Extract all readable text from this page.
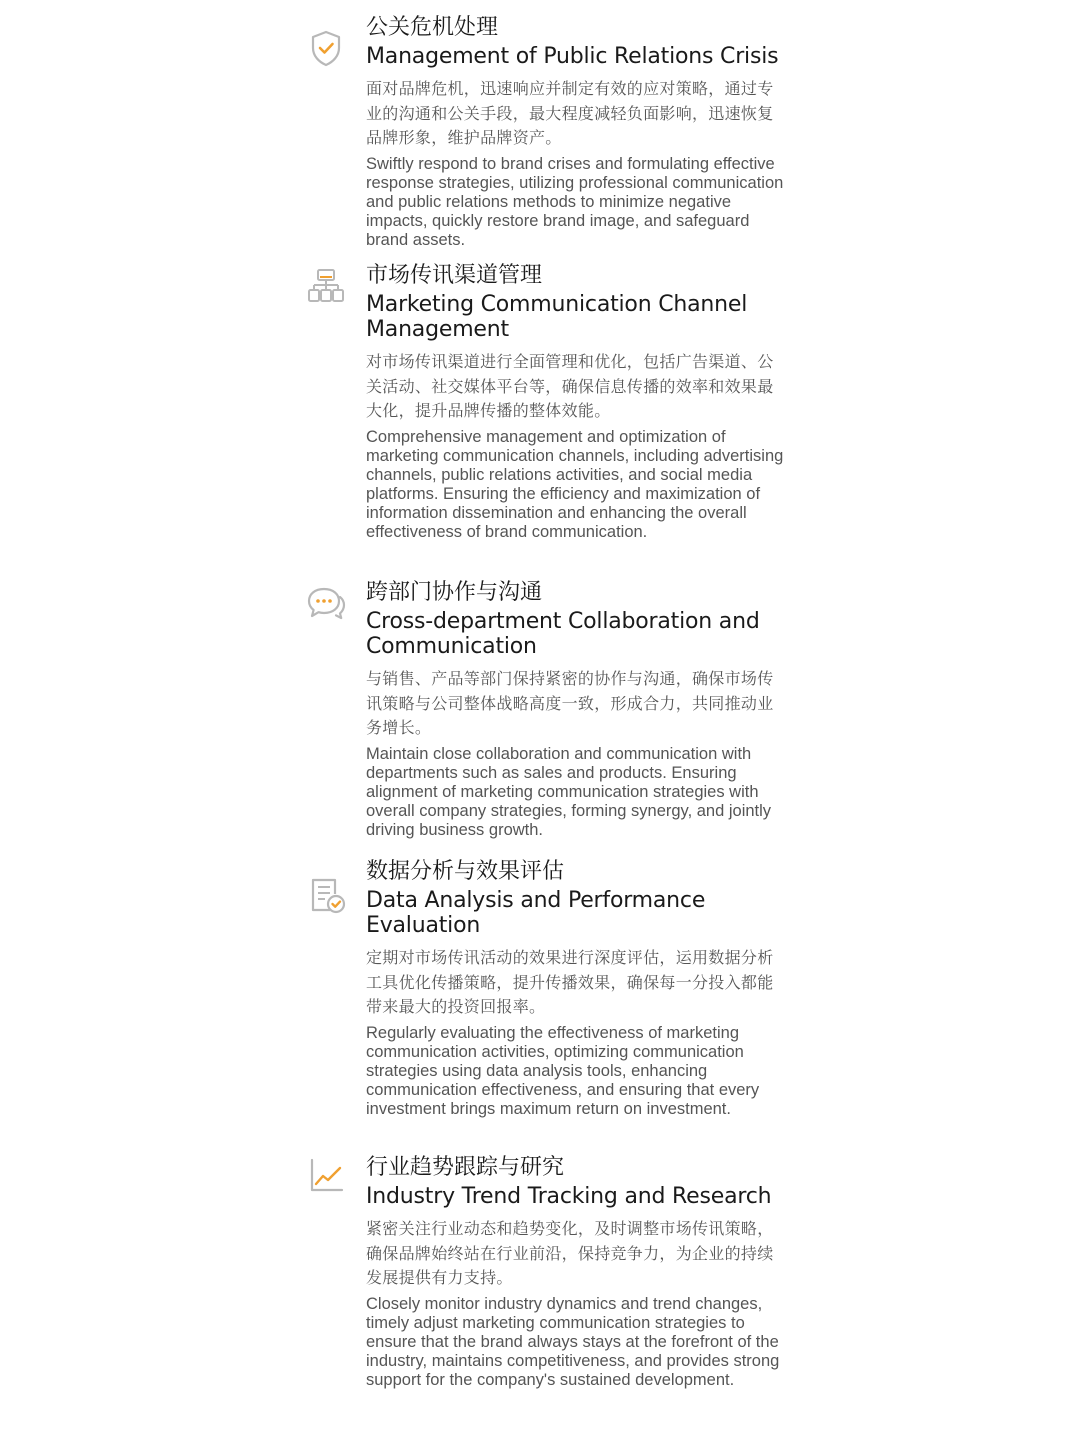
公关危机处理

Management of Public Relations Crisis

面对品牌危机，迅速响应并制定有效的应对策略，通过专业的沟通和公关手段，最大程度减轻负面影响，迅速恢复品牌形象，维护品牌资产。

Swiftly respond to brand crises and formulating effective response strategies, utilizing professional communication and public relations methods to minimize negative impacts, quickly restore brand image, and safeguard brand assets.

市场传讯渠道管理

Marketing Communication Channel Management

对市场传讯渠道进行全面管理和优化，包括广告渠道、公关活动、社交媒体平台等，确保信息传播的效率和效果最大化，提升品牌传播的整体效能。

Comprehensive management and optimization of marketing communication channels, including advertising channels, public relations activities, and social media platforms. Ensuring the efficiency and maximization of information dissemination and enhancing the overall effectiveness of brand communication.

跨部门协作与沟通

Cross-department Collaboration and Communication

与销售、产品等部门保持紧密的协作与沟通，确保市场传讯策略与公司整体战略高度一致，形成合力，共同推动业务增长。

Maintain close collaboration and communication with departments such as sales and products. Ensuring alignment of marketing communication strategies with overall company strategies, forming synergy, and jointly driving business growth.

数据分析与效果评估

Data Analysis and Performance Evaluation

定期对市场传讯活动的效果进行深度评估，运用数据分析工具优化传播策略，提升传播效果，确保每一分投入都能带来最大的投资回报率。

Regularly evaluating the effectiveness of marketing communication activities, optimizing communication strategies using data analysis tools, enhancing communication effectiveness, and ensuring that every investment brings maximum return on investment.

行业趋势跟踪与研究

Industry Trend Tracking and Research

紧密关注行业动态和趋势变化，及时调整市场传讯策略，确保品牌始终站在行业前沿，保持竞争力，为企业的持续发展提供有力支持。

Closely monitor industry dynamics and trend changes, timely adjust marketing communication strategies to ensure that the brand always stays at the forefront of the industry, maintains competitiveness, and provides strong support for the company's sustained development.
